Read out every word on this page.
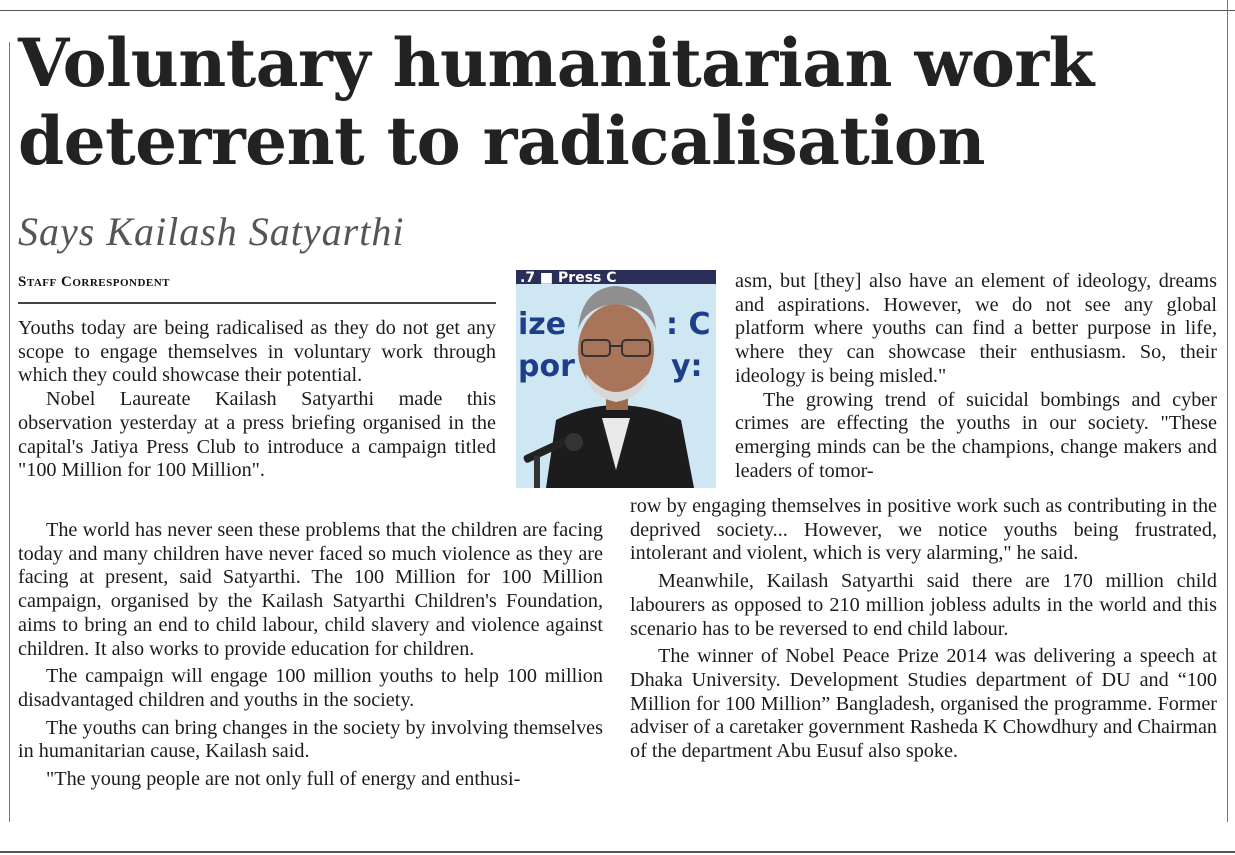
Voluntary humanitarian work deterrent to radicalisation
Says Kailash Satyarthi
Staff Correspondent	.7 ■ Press C
ize	: C
por	y:

Youths today are being radicalised as they do not get any scope to engage themselves in voluntary work through which they could showcase their potential.

Nobel Laureate Kailash Satyarthi made this observation yesterday at a press briefing organised in the capital's Jatiya Press Club to introduce a campaign titled "100 Million for 100 Million".

The world has never seen these problems that the children are facing today and many children have never faced so much violence as they are facing at present, said Satyarthi. The 100 Million for 100 Million campaign, organised by the Kailash Satyarthi Children's Foundation, aims to bring an end to child labour, child slavery and violence against children. It also works to provide education for children.

The campaign will engage 100 million youths to help 100 million disadvantaged children and youths in the society.

The youths can bring changes in the society by involving themselves in humanitarian cause, Kailash said.

"The young people are not only full of energy and enthusi-

asm, but [they] also have an element of ideology, dreams and aspirations. However, we do not see any global platform where youths can find a better purpose in life, where they can showcase their enthusiasm. So, their ideology is being misled."

The growing trend of suicidal bombings and cyber crimes are effecting the youths in our society. "These emerging minds can be the champions, change makers and leaders of tomor-

row by engaging themselves in positive work such as contributing in the deprived society... However, we notice youths being frustrated, intolerant and violent, which is very alarming," he said.

Meanwhile, Kailash Satyarthi said there are 170 million child labourers as opposed to 210 million jobless adults in the world and this scenario has to be reversed to end child labour.

The winner of Nobel Peace Prize 2014 was delivering a speech at Dhaka University. Development Studies department of DU and “100 Million for 100 Million” Bangladesh, organised the programme. Former adviser of a caretaker government Rasheda K Chowdhury and Chairman of the department Abu Eusuf also spoke.
